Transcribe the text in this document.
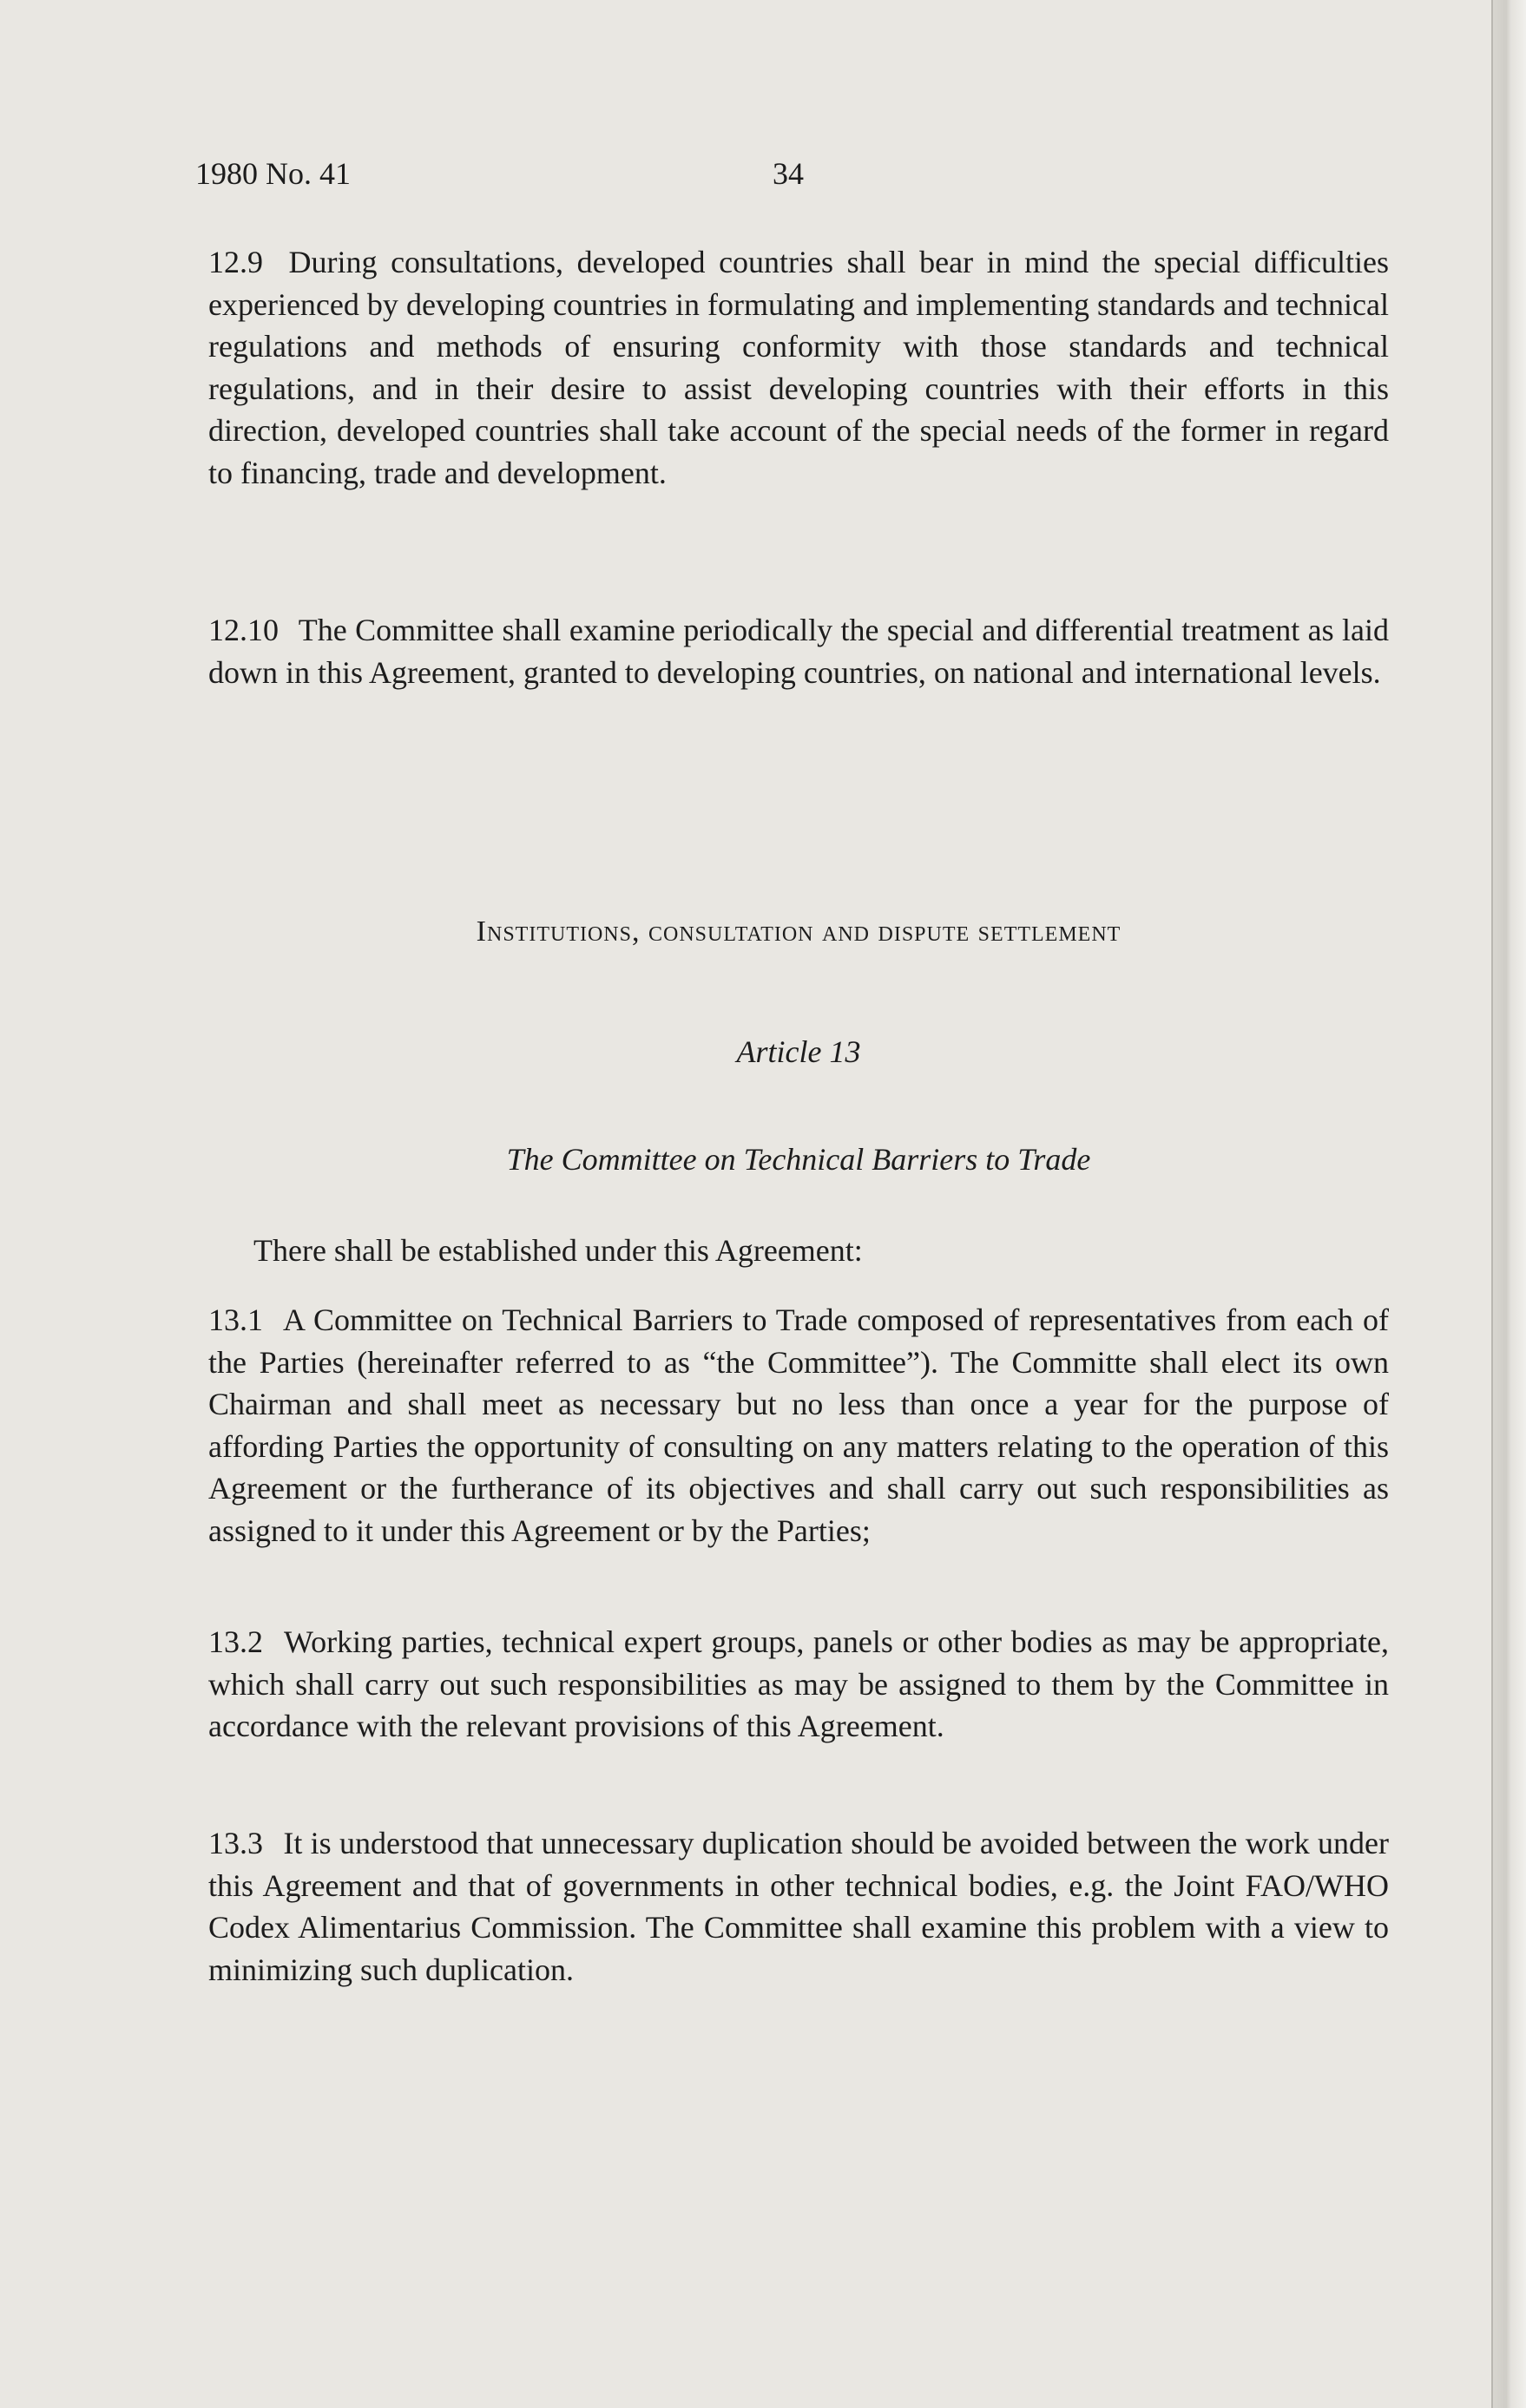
1980 No. 41	34

12.9 During consultations, developed countries shall bear in mind the special difficulties experienced by developing countries in formulating and implementing standards and technical regulations and methods of ensuring conformity with those standards and technical regulations, and in their desire to assist developing countries with their efforts in this direction, developed countries shall take account of the special needs of the former in regard to financing, trade and development.

12.10 The Committee shall examine periodically the special and differential treatment as laid down in this Agreement, granted to developing countries, on national and international levels.

Institutions, consultation and dispute settlement
Article 13
The Committee on Technical Barriers to Trade

There shall be established under this Agreement:

13.1 A Committee on Technical Barriers to Trade composed of representatives from each of the Parties (hereinafter referred to as “the Committee”). The Committe shall elect its own Chairman and shall meet as necessary but no less than once a year for the purpose of affording Parties the opportunity of consulting on any matters relating to the operation of this Agreement or the furtherance of its objectives and shall carry out such responsibilities as assigned to it under this Agreement or by the Parties;

13.2 Working parties, technical expert groups, panels or other bodies as may be appropriate, which shall carry out such responsibilities as may be assigned to them by the Committee in accordance with the relevant provisions of this Agreement.

13.3 It is understood that unnecessary duplication should be avoided between the work under this Agreement and that of governments in other technical bodies, e.g. the Joint FAO/WHO Codex Alimentarius Commission. The Committee shall examine this problem with a view to minimizing such duplication.
